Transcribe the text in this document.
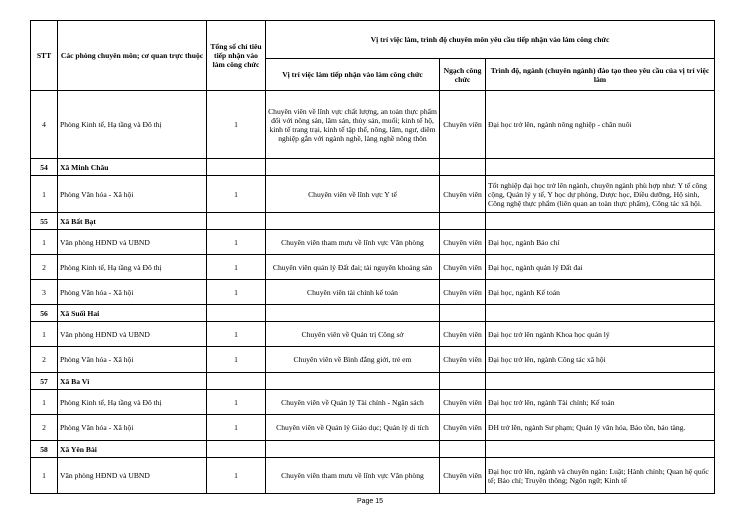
STT	Các phòng chuyên môn; cơ quan trực thuộc	Tổng số chỉ tiêu tiếp nhận vào làm công chức	Vị trí việc làm, trình độ chuyên môn yêu cầu tiếp nhận vào làm công chức		
			Vị trí việc làm tiếp nhận vào làm công chức	Ngạch công chức	Trình độ, ngành (chuyên ngành) đào tạo theo yêu cầu của vị trí việc làm
4	Phòng Kinh tế, Hạ tầng và Đô thị	1	Chuyên viên về lĩnh vực chất lượng, an toàn thực phẩm đối với nông sản, lâm sản, thủy sản, muối; kinh tế hộ, kinh tế trang trại, kinh tế tập thể, nông, lâm, ngư, diêm nghiệp gắn với ngành nghề, làng nghề nông thôn	Chuyên viên	Đại học trở lên, ngành nông nghiệp - chăn nuôi
54	Xã Minh Châu				
1	Phòng Văn hóa - Xã hội	1	Chuyên viên về lĩnh vực Y tế	Chuyên viên	Tốt nghiệp đại học trở lên ngành, chuyên ngành phù hợp như: Y tế công cộng, Quản lý y tế, Y học dự phòng, Dược học, Điều dưỡng, Hộ sinh, Công nghệ thực phẩm (liên quan an toàn thực phẩm), Công tác xã hội.
55	Xã Bất Bạt				
1	Văn phòng HĐND và UBND	1	Chuyên viên tham mưu về lĩnh vực Văn phòng	Chuyên viên	Đại học, ngành Báo chí
2	Phòng Kinh tế, Hạ tầng và Đô thị	1	Chuyên viên quản lý Đất đai; tài nguyên khoáng sản	Chuyên viên	Đại học, ngành quản lý Đất đai
3	Phòng Văn hóa - Xã hội	1	Chuyên viên tài chính kế toán	Chuyên viên	Đại học, ngành Kế toán
56	Xã Suối Hai				
1	Văn phòng HĐND và UBND	1	Chuyên viên về Quản trị Công sở	Chuyên viên	Đại học trở lên ngành Khoa học quản lý
2	Phòng Văn hóa - Xã hội	1	Chuyên viên về Bình đẳng giới, trẻ em	Chuyên viên	Đại học trở lên, ngành Công tác xã hội
57	Xã Ba Vì				
1	Phòng Kinh tế, Hạ tầng và Đô thị	1	Chuyên viên về Quản lý Tài chính - Ngân sách	Chuyên viên	Đại học trở lên, ngành Tài chính; Kế toán
2	Phòng Văn hóa - Xã hội	1	Chuyên viên về Quản lý Giáo dục; Quản lý di tích	Chuyên viên	ĐH trở lên, ngành Sư phạm; Quản lý văn hóa, Bảo tồn, bảo tàng.
58	Xã Yên Bài				
1	Văn phòng HĐND và UBND	1	Chuyên viên tham mưu về lĩnh vực Văn phòng	Chuyên viên	Đại học trở lên, ngành và chuyên ngàn: Luật; Hành chính; Quan hệ quốc tế; Báo chí; Truyền thông; Ngôn ngữ; Kinh tế
Page 15
